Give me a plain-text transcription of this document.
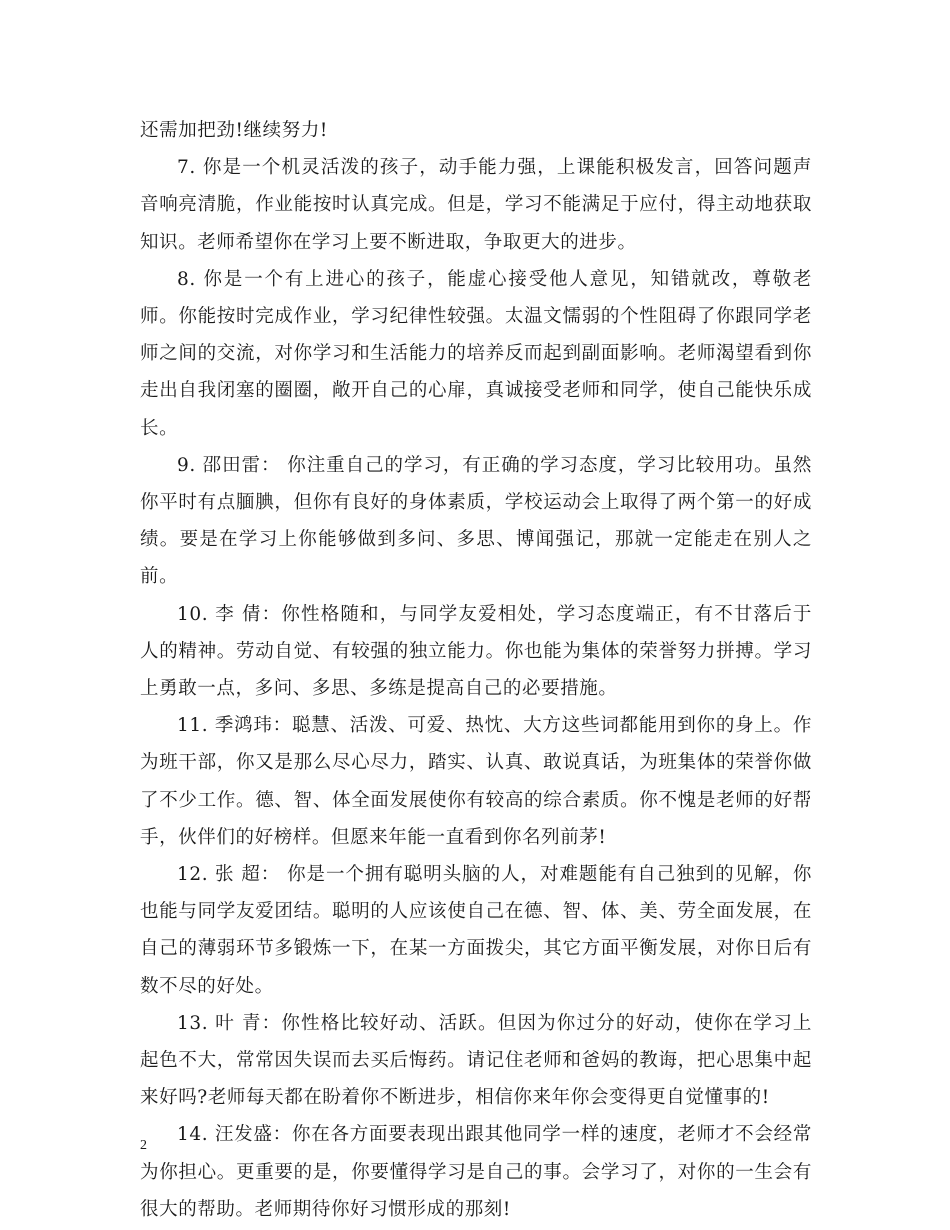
还需加把劲!继续努力!

7. 你是一个机灵活泼的孩子，动手能力强，上课能积极发言，回答问题声音响亮清脆，作业能按时认真完成。但是，学习不能满足于应付，得主动地获取知识。老师希望你在学习上要不断进取，争取更大的进步。

8. 你是一个有上进心的孩子，能虚心接受他人意见，知错就改，尊敬老师。你能按时完成作业，学习纪律性较强。太温文懦弱的个性阻碍了你跟同学老师之间的交流，对你学习和生活能力的培养反而起到副面影响。老师渴望看到你走出自我闭塞的圈圈，敞开自己的心扉，真诚接受老师和同学，使自己能快乐成长。

9. 邵田雷： 你注重自己的学习，有正确的学习态度，学习比较用功。虽然你平时有点腼腆，但你有良好的身体素质，学校运动会上取得了两个第一的好成绩。要是在学习上你能够做到多问、多思、博闻强记，那就一定能走在别人之前。

10. 李 倩：你性格随和，与同学友爱相处，学习态度端正，有不甘落后于人的精神。劳动自觉、有较强的独立能力。你也能为集体的荣誉努力拼搏。学习上勇敢一点，多问、多思、多练是提高自己的必要措施。

11. 季鸿玮：聪慧、活泼、可爱、热忱、大方这些词都能用到你的身上。作为班干部，你又是那么尽心尽力，踏实、认真、敢说真话，为班集体的荣誉你做了不少工作。德、智、体全面发展使你有较高的综合素质。你不愧是老师的好帮手，伙伴们的好榜样。但愿来年能一直看到你名列前茅!

12. 张 超： 你是一个拥有聪明头脑的人，对难题能有自己独到的见解，你也能与同学友爱团结。聪明的人应该使自己在德、智、体、美、劳全面发展，在自己的薄弱环节多锻炼一下，在某一方面拨尖，其它方面平衡发展，对你日后有数不尽的好处。

13. 叶 青：你性格比较好动、活跃。但因为你过分的好动，使你在学习上起色不大，常常因失误而去买后悔药。请记住老师和爸妈的教诲，把心思集中起来好吗?老师每天都在盼着你不断进步，相信你来年你会变得更自觉懂事的!

14. 汪发盛：你在各方面要表现出跟其他同学一样的速度，老师才不会经常为你担心。更重要的是，你要懂得学习是自己的事。会学习了，对你的一生会有很大的帮助。老师期待你好习惯形成的那刻!

2
